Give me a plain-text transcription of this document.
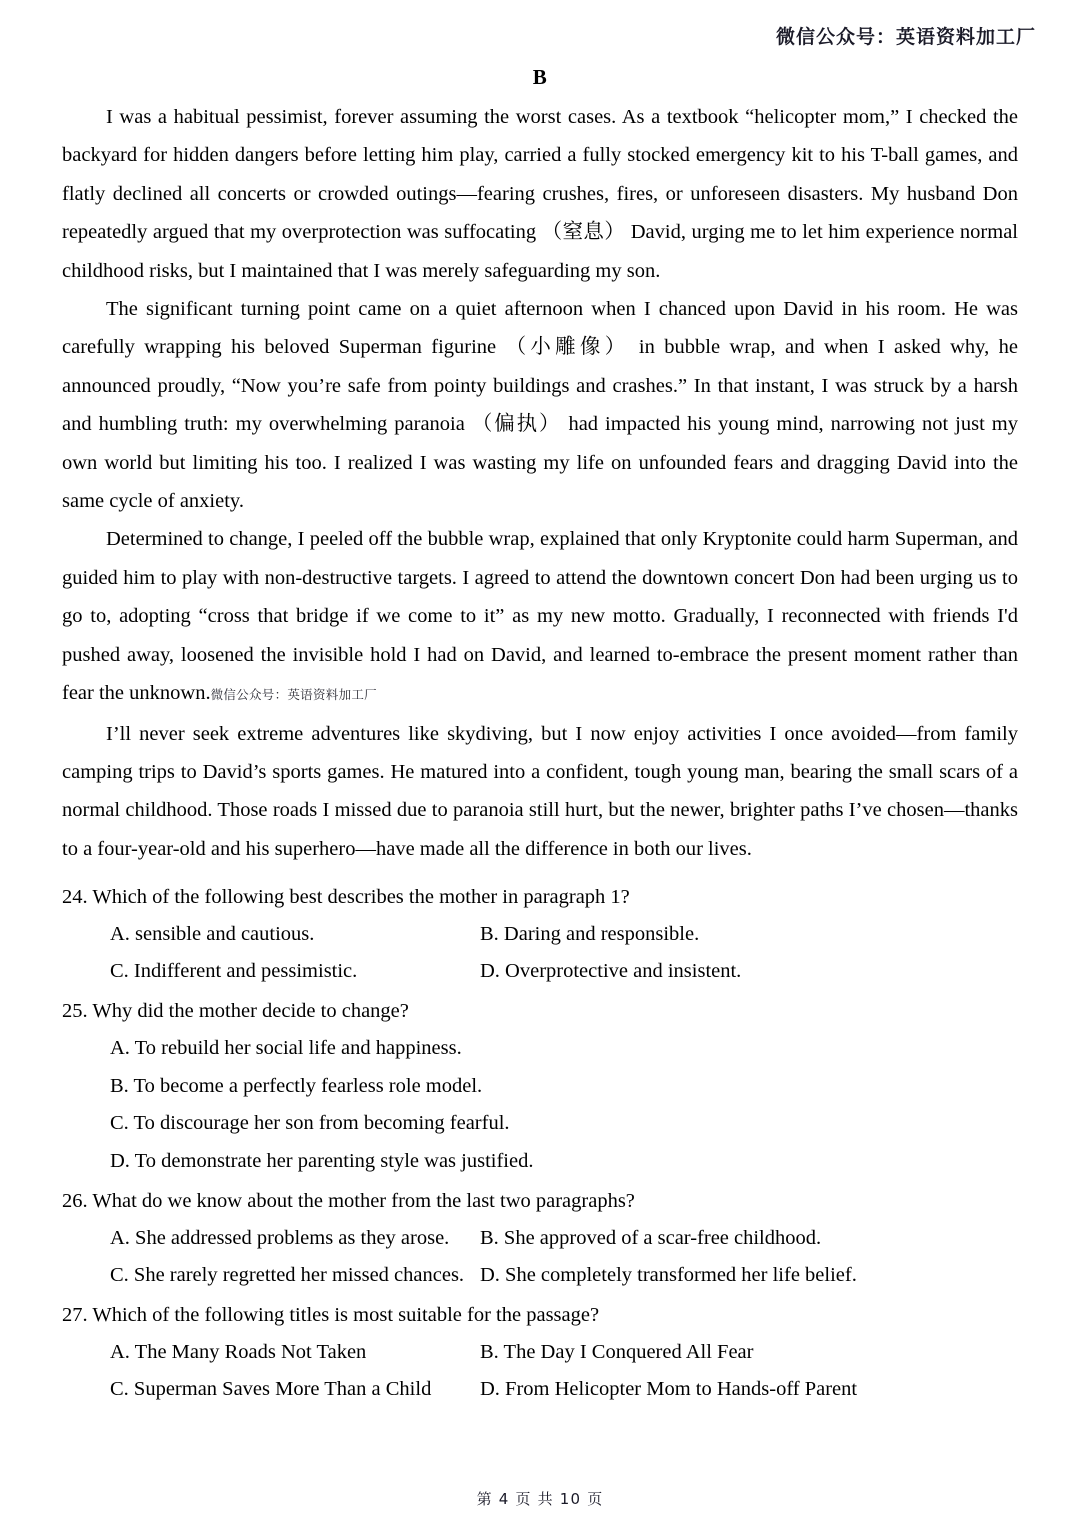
微信公众号：英语资料加工厂
B

I was a habitual pessimist, forever assuming the worst cases. As a textbook “helicopter mom,” I checked the backyard for hidden dangers before letting him play, carried a fully stocked emergency kit to his T-ball games, and flatly declined all concerts or crowded outings—fearing crushes, fires, or unforeseen disasters. My husband Don repeatedly argued that my overprotection was suffocating （窒息） David, urging me to let him experience normal childhood risks, but I maintained that I was merely safeguarding my son.

The significant turning point came on a quiet afternoon when I chanced upon David in his room. He was carefully wrapping his beloved Superman figurine （小雕像） in bubble wrap, and when I asked why, he announced proudly, “Now you’re safe from pointy buildings and crashes.” In that instant, I was struck by a harsh and humbling truth: my overwhelming paranoia （偏执） had impacted his young mind, narrowing not just my own world but limiting his too. I realized I was wasting my life on unfounded fears and dragging David into the same cycle of anxiety.

Determined to change, I peeled off the bubble wrap, explained that only Kryptonite could harm Superman, and guided him to play with non-destructive targets. I agreed to attend the downtown concert Don had been urging us to go to, adopting “cross that bridge if we come to it” as my new motto. Gradually, I reconnected with friends I'd pushed away, loosened the invisible hold I had on David, and learned to-embrace the present moment rather than fear the unknown.微信公众号：英语资料加工厂

I’ll never seek extreme adventures like skydiving, but I now enjoy activities I once avoided—from family camping trips to David’s sports games. He matured into a confident, tough young man, bearing the small scars of a normal childhood. Those roads I missed due to paranoia still hurt, but the newer, brighter paths I’ve chosen—thanks to a four-year-old and his superhero—have made all the difference in both our lives.

24. Which of the following best describes the mother in paragraph 1?

A. sensible and cautious.	B. Daring and responsible.
C. Indifferent and pessimistic.	D. Overprotective and insistent.

25. Why did the mother decide to change?

A. To rebuild her social life and happiness.
B. To become a perfectly fearless role model.
C. To discourage her son from becoming fearful.
D. To demonstrate her parenting style was justified.

26. What do we know about the mother from the last two paragraphs?

A. She addressed problems as they arose.	B. She approved of a scar-free childhood.
C. She rarely regretted her missed chances. D. She completely transformed her life belief.

27. Which of the following titles is most suitable for the passage?

A. The Many Roads Not Taken	B. The Day I Conquered All Fear
C. Superman Saves More Than a Child	D. From Helicopter Mom to Hands-off Parent
第 4 页 共 10 页
